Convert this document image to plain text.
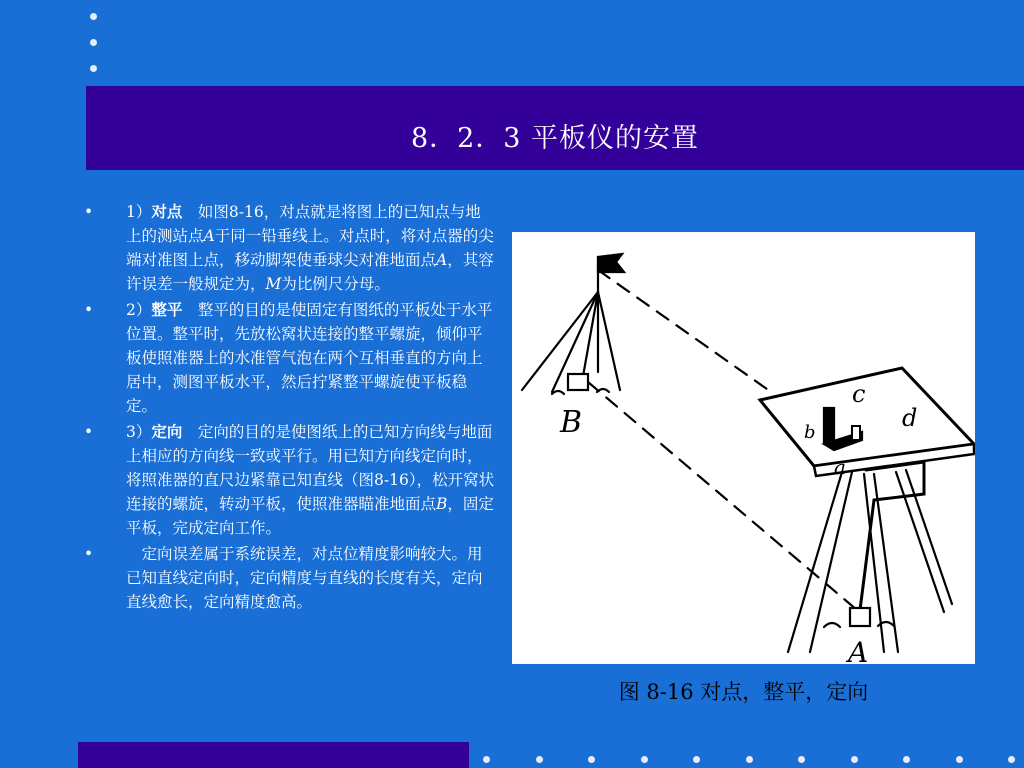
8．2．3 平板仪的安置
• 1）对点　如图8-16，对点就是将图上的已知点与地上的测站点A于同一铅垂线上。对点时，将对点器的尖端对准图上点，移动脚架使垂球尖对准地面点A，其容许误差一般规定为，M为比例尺分母。
• 2）整平　整平的目的是使固定有图纸的平板处于水平位置。整平时，先放松窝状连接的整平螺旋，倾仰平板使照准器上的水准管气泡在两个互相垂直的方向上居中，测图平板水平，然后拧紧整平螺旋使平板稳定。
• 3）定向　定向的目的是使图纸上的已知方向线与地面上相应的方向线一致或平行。用已知方向线定向时，将照准器的直尺边紧靠已知直线（图8-16），松开窝状连接的螺旋，转动平板，使照准器瞄准地面点B，固定平板，完成定向工作。
• 　定向误差属于系统误差，对点位精度影响较大。用已知直线定向时，定向精度与直线的长度有关，定向直线愈长，定向精度愈高。
B
A
c
d
b
a
图 8-16 对点，整平，定向
